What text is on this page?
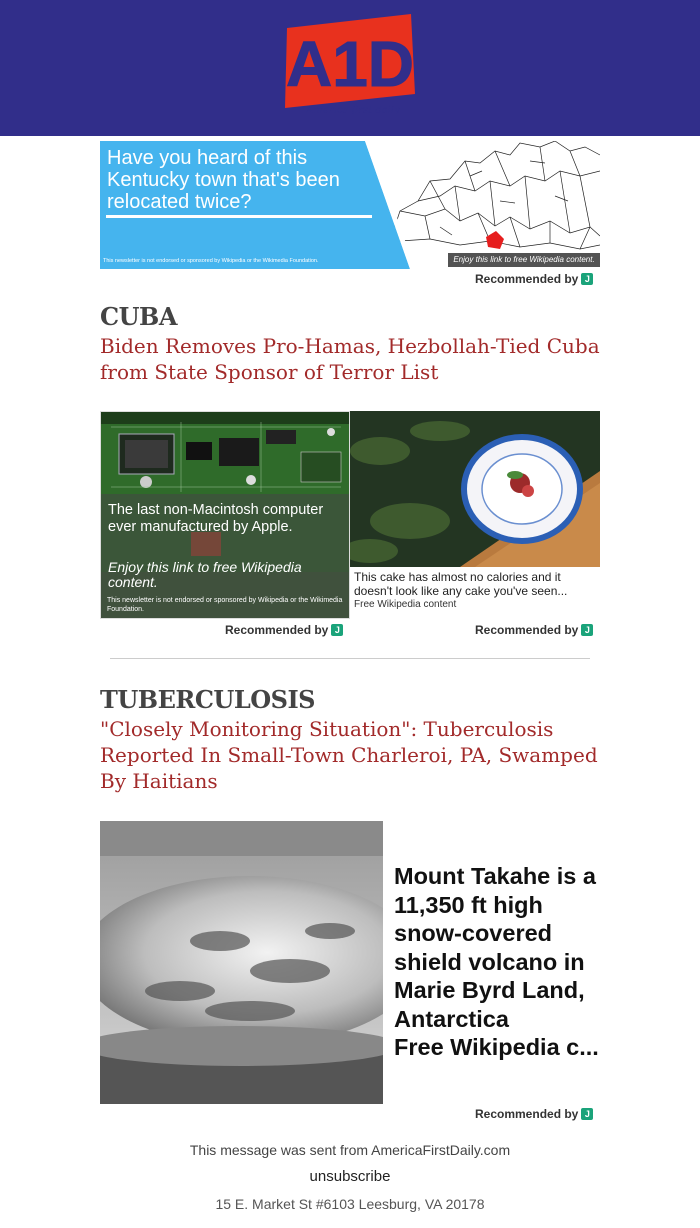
A1D
America first daily
Have you heard of this Kentucky town that's been relocated twice?
This newsletter is not endorsed or sponsored by Wikipedia or the Wikimedia Foundation.	Enjoy this link to free Wikipedia content.
Recommended by J
CUBA
Biden Removes Pro-Hamas, Hezbollah-Tied Cuba from State Sponsor of Terror List
The last non-Macintosh computer ever manufactured by Apple.
Enjoy this link to free Wikipedia content.
This newsletter is not endorsed or sponsored by Wikipedia or the Wikimedia Foundation.
Recommended by J
This cake has almost no calories and it doesn't look like any cake you've seen...
Free Wikipedia content
Recommended by J
TUBERCULOSIS
"Closely Monitoring Situation": Tuberculosis Reported In Small-Town Charleroi, PA, Swamped By Haitians
Mount Takahe is a 11,350 ft high snow-covered shield volcano in Marie Byrd Land, Antarctica
Free Wikipedia c...
Recommended by J
This message was sent from AmericaFirstDaily.com
unsubscribe
15 E. Market St #6103 Leesburg, VA 20178
